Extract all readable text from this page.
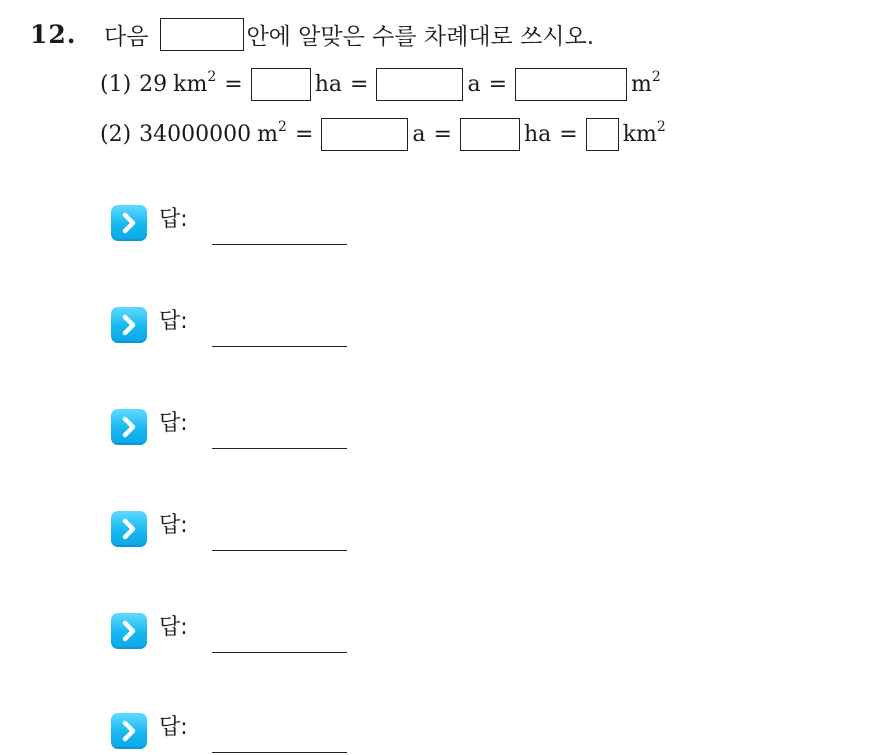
12. 다음	안에 알맞은 수를 차례대로 쓰시오.
(1) 29 $km^2$ =	ha =	a =	$m^2$
(2) 34000000 $m^2$ =	a =	ha = $km^2$
답:
답:
답:
답:
답:
답:
